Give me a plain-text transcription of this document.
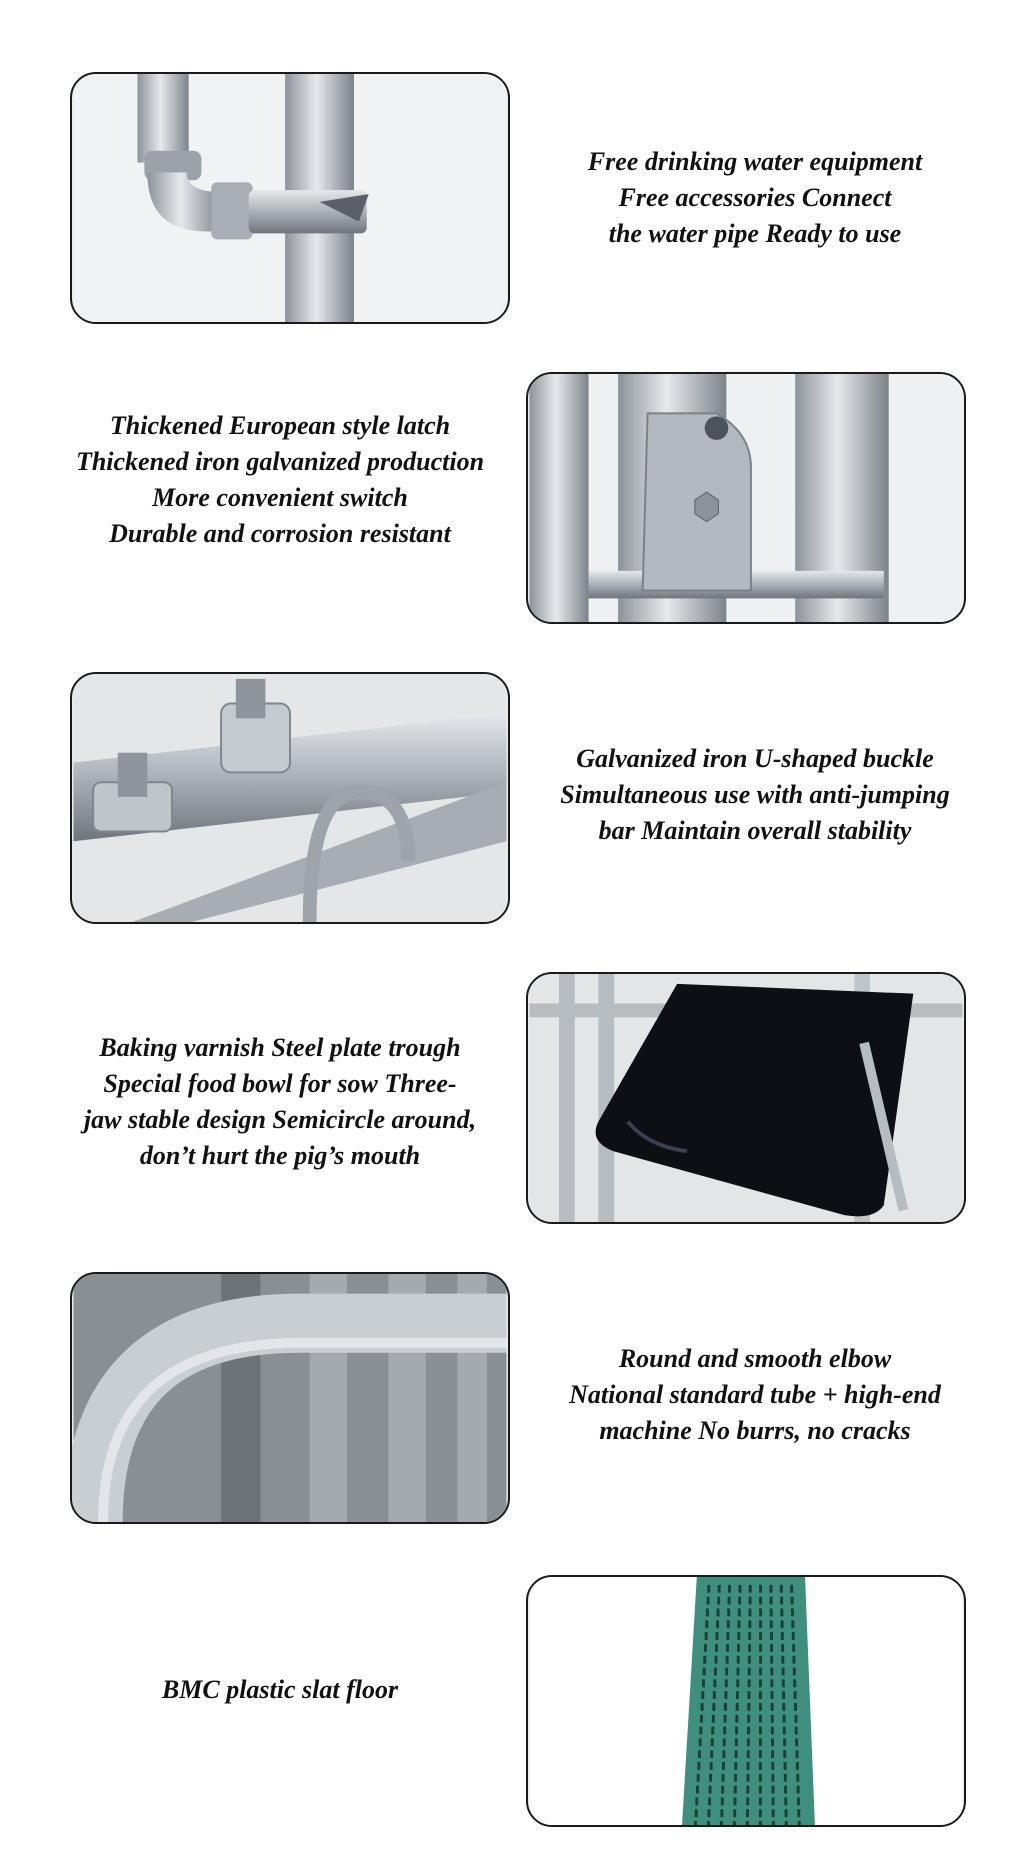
Free drinking water equipment
Free accessories Connect
the water pipe Ready to use
Thickened European style latch
Thickened iron galvanized production
More convenient switch
Durable and corrosion resistant
Galvanized iron U-shaped buckle
Simultaneous use with anti-jumping
bar Maintain overall stability
Baking varnish Steel plate trough
Special food bowl for sow Three-
jaw stable design Semicircle around,
don’t hurt the pig’s mouth
Round and smooth elbow
National standard tube + high-end
machine No burrs, no cracks
BMC plastic slat floor
